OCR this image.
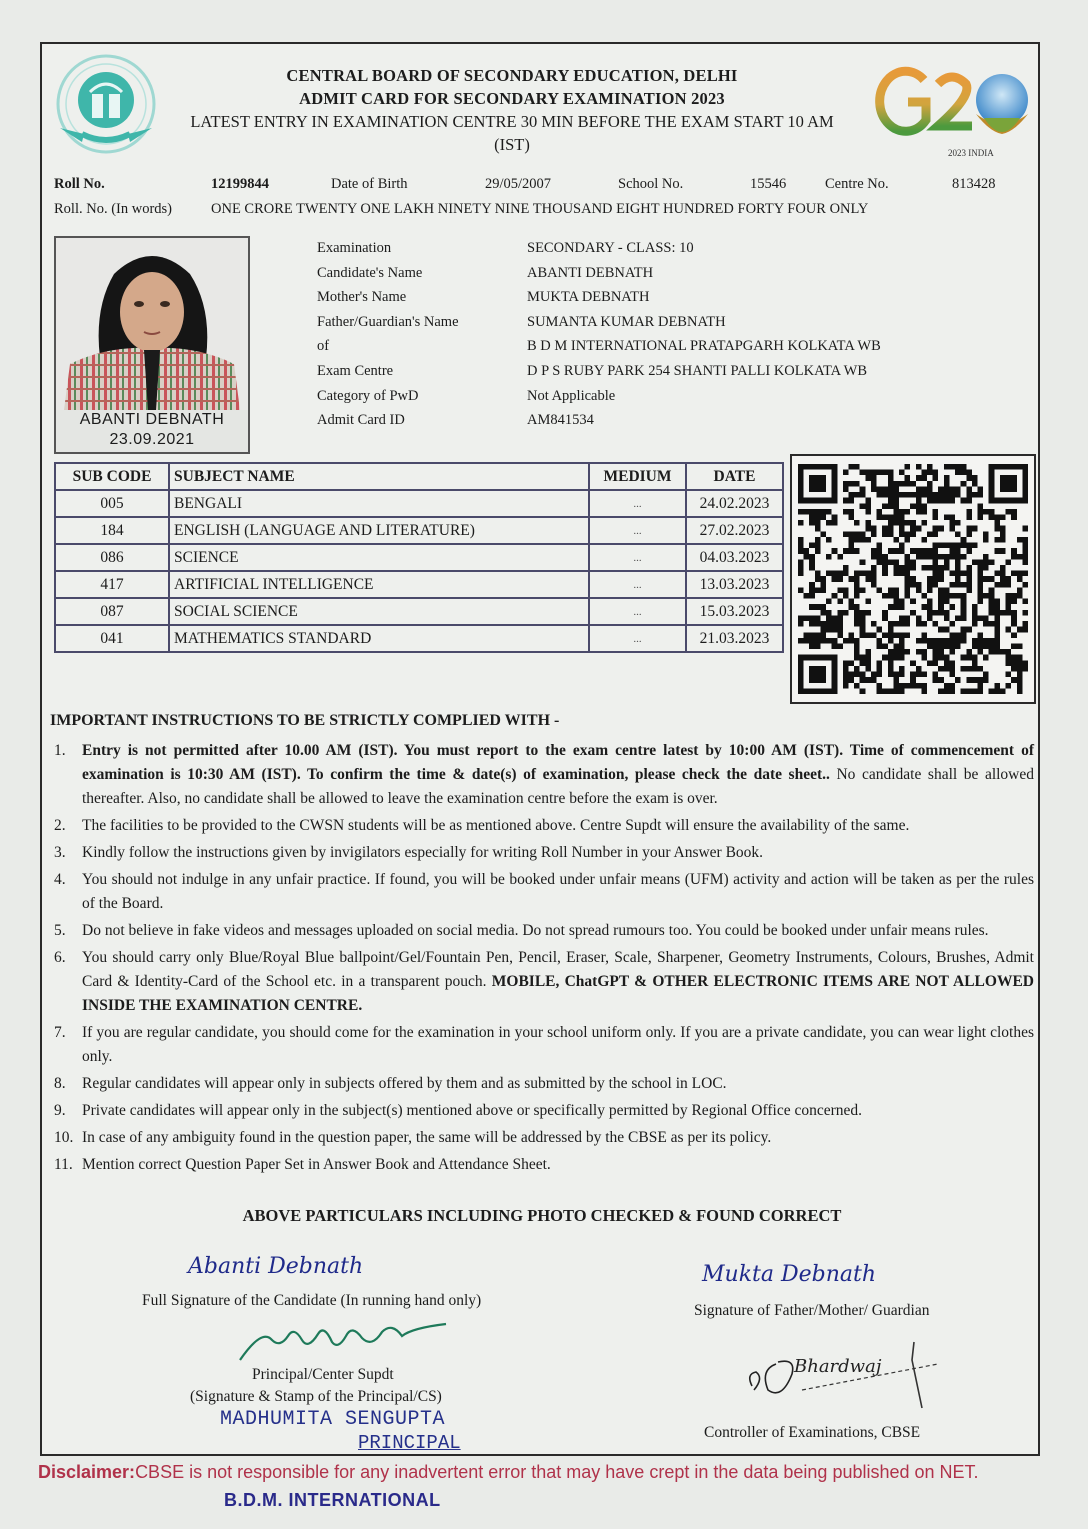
CENTRAL BOARD OF SECONDARY EDUCATION, DELHI
ADMIT CARD FOR SECONDARY EXAMINATION 2023
LATEST ENTRY IN EXAMINATION CENTRE 30 MIN BEFORE THE EXAM START 10 AM
(IST)	2023 INDIA
Roll No.	12199844	Date of Birth	29/05/2007	School No.	15546	Centre No.	813428
Roll. No. (In words)	ONE CRORE TWENTY ONE LAKH NINETY NINE THOUSAND EIGHT HUNDRED FORTY FOUR ONLY
ABANTI DEBNATH
23.09.2021
Examination	SECONDARY - CLASS: 10
Candidate's Name	ABANTI DEBNATH
Mother's Name	MUKTA DEBNATH
Father/Guardian's Name	SUMANTA KUMAR DEBNATH
of	B D M INTERNATIONAL PRATAPGARH KOLKATA WB
Exam Centre	D P S RUBY PARK 254 SHANTI PALLI KOLKATA WB
Category of PwD	Not Applicable
Admit Card ID	AM841534
SUB CODE	SUBJECT NAME	MEDIUM	DATE
005	BENGALI	...	24.02.2023
184	ENGLISH (LANGUAGE AND LITERATURE)	...	27.02.2023
086	SCIENCE	...	04.03.2023
417	ARTIFICIAL INTELLIGENCE	...	13.03.2023
087	SOCIAL SCIENCE	...	15.03.2023
041	MATHEMATICS STANDARD	...	21.03.2023
IMPORTANT INSTRUCTIONS TO BE STRICTLY COMPLIED WITH -
1. Entry is not permitted after 10.00 AM (IST). You must report to the exam centre latest by 10:00 AM (IST). Time of commencement of examination is 10:30 AM (IST). To confirm the time & date(s) of examination, please check the date sheet.. No candidate shall be allowed thereafter. Also, no candidate shall be allowed to leave the examination centre before the exam is over.
2. The facilities to be provided to the CWSN students will be as mentioned above. Centre Supdt will ensure the availability of the same.
3. Kindly follow the instructions given by invigilators especially for writing Roll Number in your Answer Book.
4. You should not indulge in any unfair practice. If found, you will be booked under unfair means (UFM) activity and action will be taken as per the rules of the Board.
5. Do not believe in fake videos and messages uploaded on social media. Do not spread rumours too. You could be booked under unfair means rules.
6. You should carry only Blue/Royal Blue ballpoint/Gel/Fountain Pen, Pencil, Eraser, Scale, Sharpener, Geometry Instruments, Colours, Brushes, Admit Card & Identity-Card of the School etc. in a transparent pouch. MOBILE, ChatGPT & OTHER ELECTRONIC ITEMS ARE NOT ALLOWED INSIDE THE EXAMINATION CENTRE.
7. If you are regular candidate, you should come for the examination in your school uniform only. If you are a private candidate, you can wear light clothes only.
8. Regular candidates will appear only in subjects offered by them and as submitted by the school in LOC.
9. Private candidates will appear only in the subject(s) mentioned above or specifically permitted by Regional Office concerned.
10. In case of any ambiguity found in the question paper, the same will be addressed by the CBSE as per its policy.
11. Mention correct Question Paper Set in Answer Book and Attendance Sheet.
ABOVE PARTICULARS INCLUDING PHOTO CHECKED & FOUND CORRECT
Abanti Debnath
Full Signature of the Candidate (In running hand only)
Mukta Debnath
Signature of Father/Mother/ Guardian
Principal/Center Supdt
(Signature & Stamp of the Principal/CS)
MADHUMITA SENGUPTA
PRINCIPAL
Bhardwaj
Controller of Examinations, CBSE
Disclaimer:CBSE is not responsible for any inadvertent error that may have crept in the data being published on NET.
B.D.M. INTERNATIONAL
